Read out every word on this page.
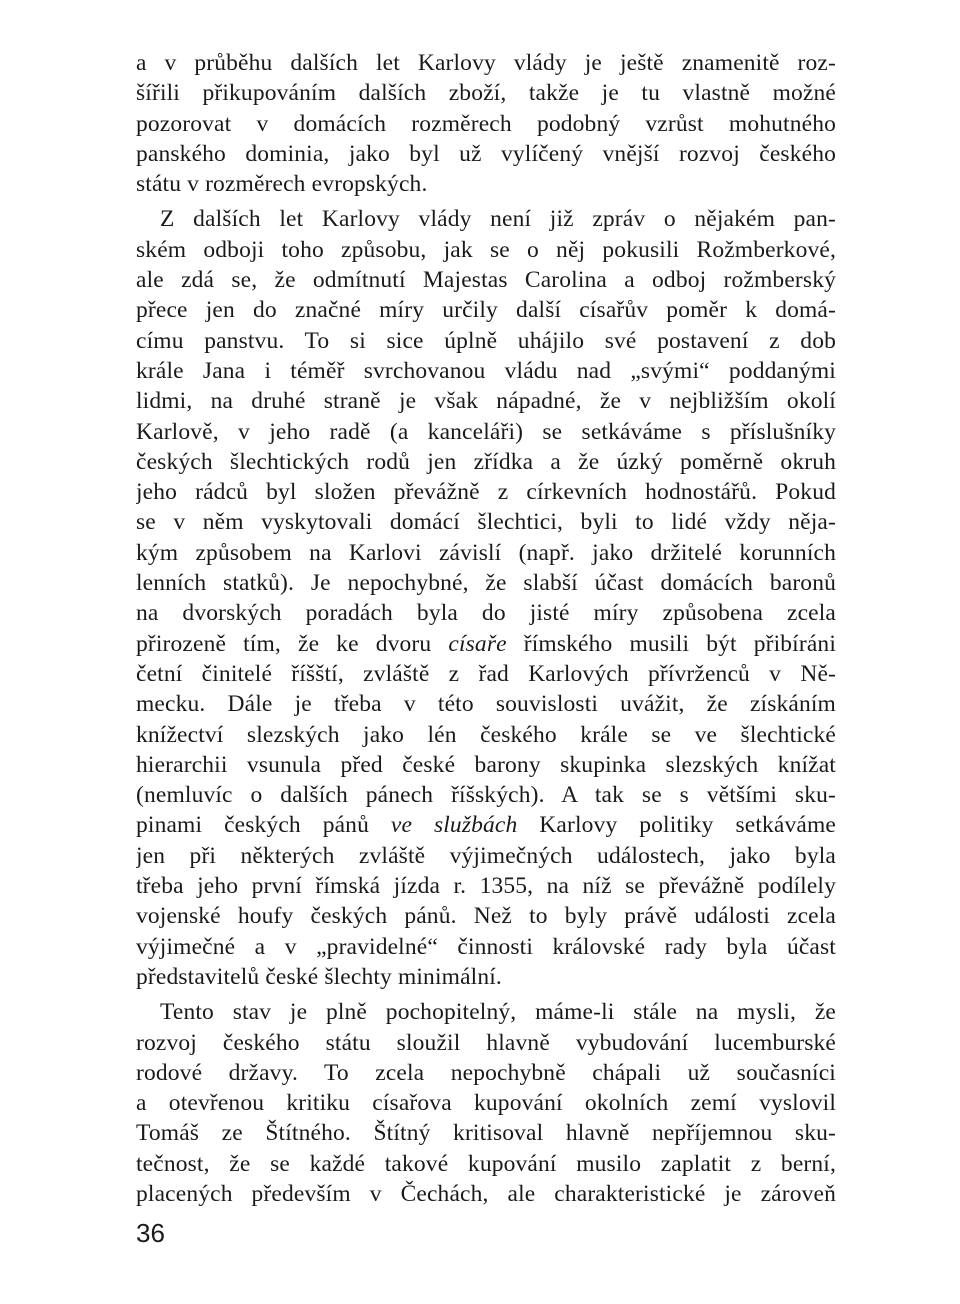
a v průběhu dalších let Karlovy vlády je ještě znamenitě roz-
šířili přikupováním dalších zboží, takže je tu vlastně možné
pozorovat v domácích rozměrech podobný vzrůst mohutného
panského dominia, jako byl už vylíčený vnější rozvoj českého
státu v rozměrech evropských.
Z dalších let Karlovy vlády není již zpráv o nějakém pan-
ském odboji toho způsobu, jak se o něj pokusili Rožmberkové,
ale zdá se, že odmítnutí Majestas Carolina a odboj rožmberský
přece jen do značné míry určily další císařův poměr k domá-
címu panstvu. To si sice úplně uhájilo své postavení z dob
krále Jana i téměř svrchovanou vládu nad „svými“ poddanými
lidmi, na druhé straně je však nápadné, že v nejbližším okolí
Karlově, v jeho radě (a kanceláři) se setkáváme s příslušníky
českých šlechtických rodů jen zřídka a že úzký poměrně okruh
jeho rádců byl složen převážně z církevních hodnostářů. Pokud
se v něm vyskytovali domácí šlechtici, byli to lidé vždy něja-
kým způsobem na Karlovi závislí (např. jako držitelé korunních
lenních statků). Je nepochybné, že slabší účast domácích baronů
na dvorských poradách byla do jisté míry způsobena zcela
přirozeně tím, že ke dvoru císaře římského musili být přibíráni
četní činitelé říšští, zvláště z řad Karlových přívrženců v Ně-
mecku. Dále je třeba v této souvislosti uvážit, že získáním
knížectví slezských jako lén českého krále se ve šlechtické
hierarchii vsunula před české barony skupinka slezských knížat
(nemluvíc o dalších pánech říšských). A tak se s většími sku-
pinami českých pánů ve službách Karlovy politiky setkáváme
jen při některých zvláště výjimečných událostech, jako byla
třeba jeho první římská jízda r. 1355, na níž se převážně podílely
vojenské houfy českých pánů. Než to byly právě události zcela
výjimečné a v „pravidelné“ činnosti královské rady byla účast
představitelů české šlechty minimální.
Tento stav je plně pochopitelný, máme-li stále na mysli, že
rozvoj českého státu sloužil hlavně vybudování lucemburské
rodové državy. To zcela nepochybně chápali už současníci
a otevřenou kritiku císařova kupování okolních zemí vyslovil
Tomáš ze Štítného. Štítný kritisoval hlavně nepříjemnou sku-
tečnost, že se každé takové kupování musilo zaplatit z berní,
placených především v Čechách, ale charakteristické je zároveň
36
